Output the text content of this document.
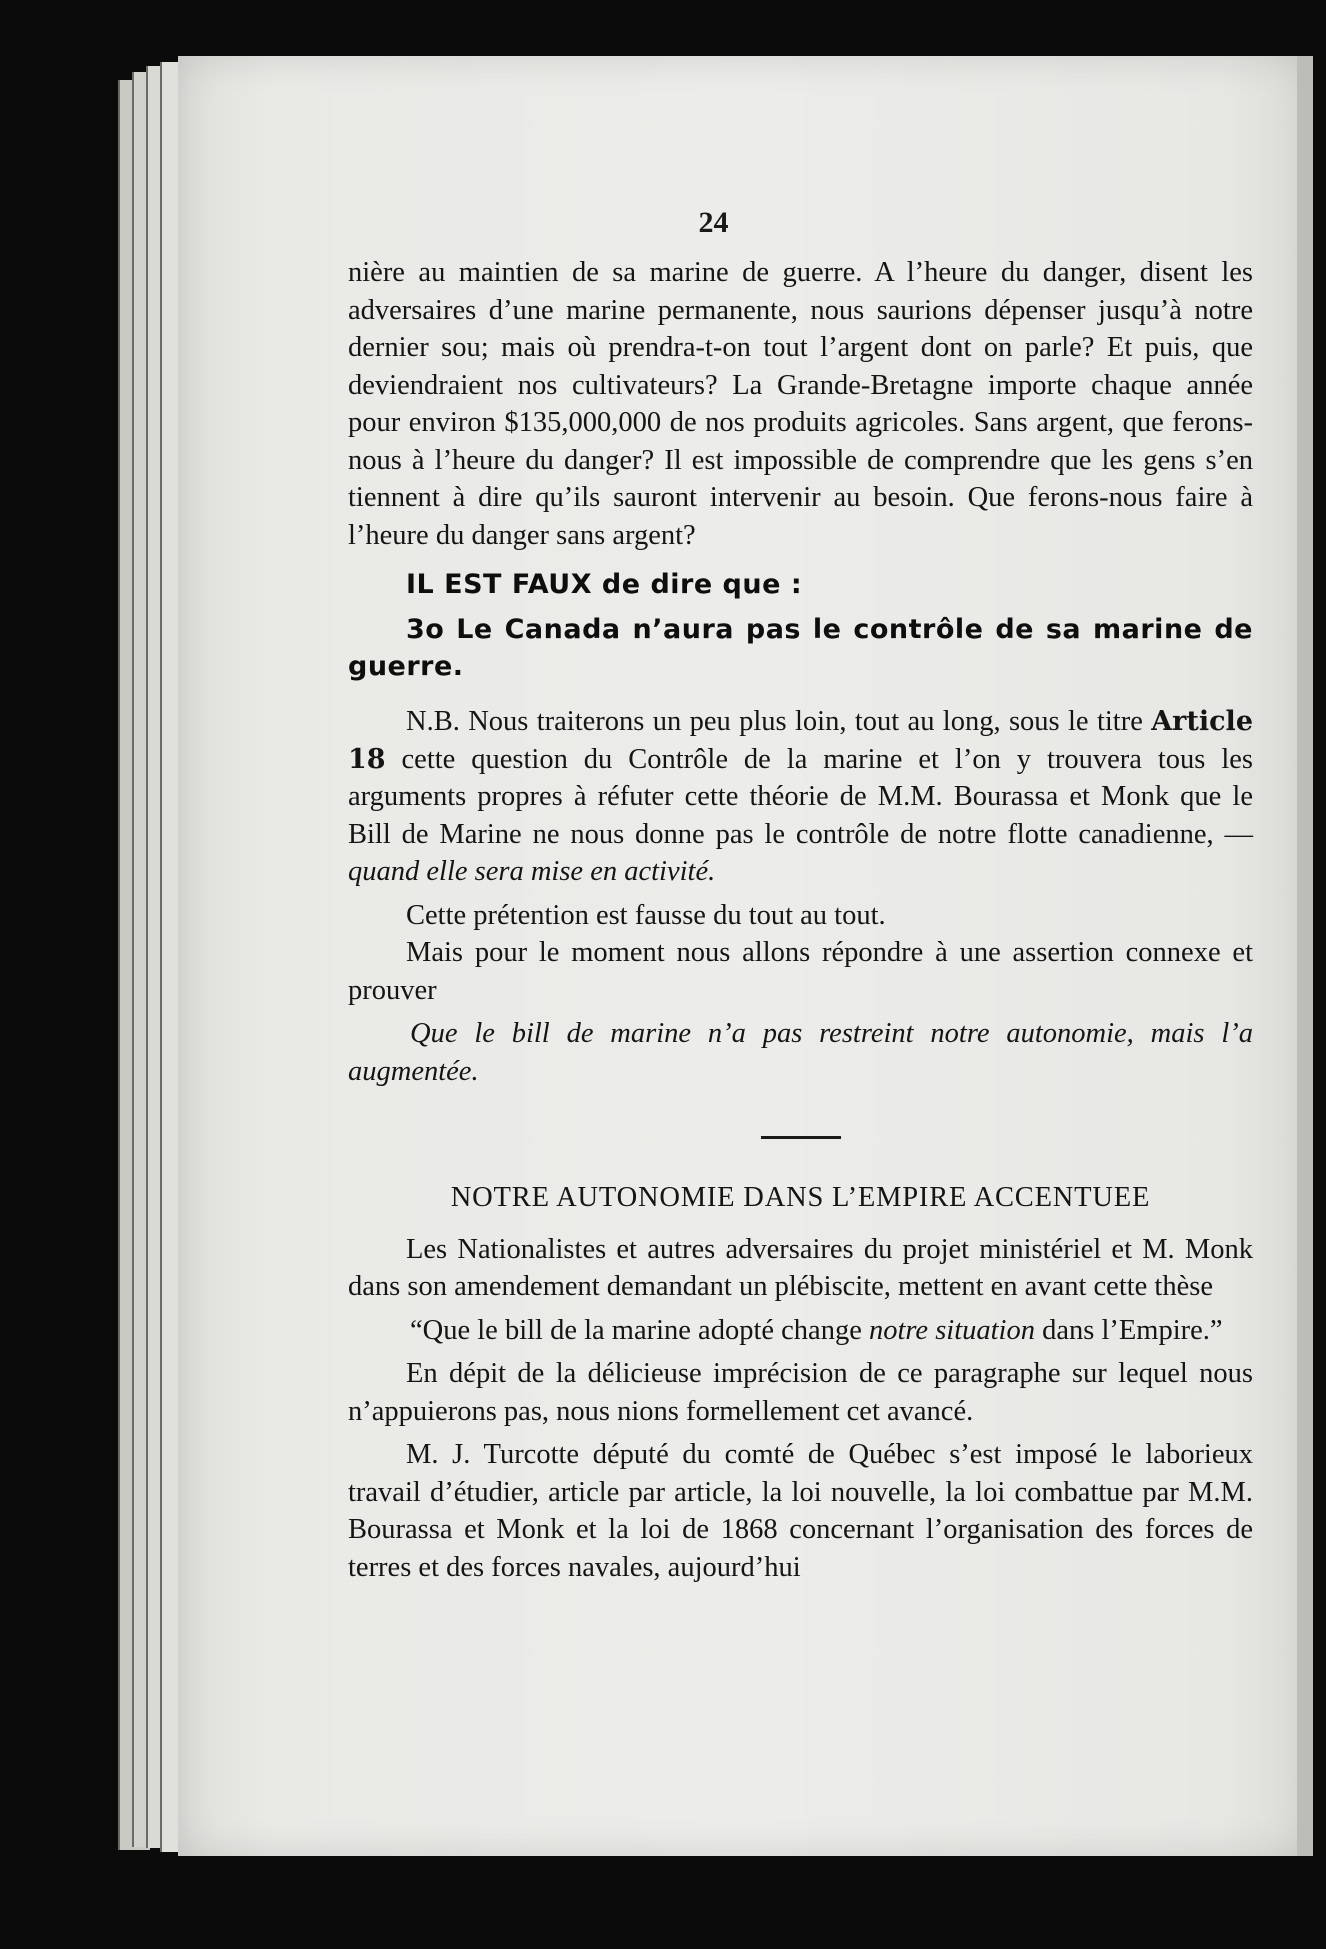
24

nière au maintien de sa marine de guerre. A l’heure du danger, disent les adversaires d’une marine permanente, nous saurions dépenser jusqu’à notre dernier sou; mais où prendra-t-on tout l’argent dont on parle? Et puis, que deviendraient nos cultivateurs? La Grande-Bretagne importe chaque année pour environ $135,000,000 de nos produits agricoles. Sans argent, que ferons-nous à l’heure du danger? Il est impossible de comprendre que les gens s’en tiennent à dire qu’ils sauront intervenir au besoin. Que ferons-nous faire à l’heure du danger sans argent?

IL EST FAUX de dire que :

3o Le Canada n’aura pas le contrôle de sa marine de guerre.

N.B. Nous traiterons un peu plus loin, tout au long, sous le titre Article 18 cette question du Contrôle de la marine et l’on y trouvera tous les arguments propres à réfuter cette théorie de M.M. Bourassa et Monk que le Bill de Marine ne nous donne pas le contrôle de notre flotte canadienne, — quand elle sera mise en activité.

Cette prétention est fausse du tout au tout.

Mais pour le moment nous allons répondre à une assertion connexe et prouver

Que le bill de marine n’a pas restreint notre autonomie, mais l’a augmentée.

NOTRE AUTONOMIE DANS L’EMPIRE ACCENTUEE

Les Nationalistes et autres adversaires du projet ministériel et M. Monk dans son amendement demandant un plébiscite, mettent en avant cette thèse

“Que le bill de la marine adopté change notre situation dans l’Empire.”

En dépit de la délicieuse imprécision de ce paragraphe sur lequel nous n’appuierons pas, nous nions formellement cet avancé.

M. J. Turcotte député du comté de Québec s’est imposé le laborieux travail d’étudier, article par article, la loi nouvelle, la loi combattue par M.M. Bourassa et Monk et la loi de 1868 concernant l’organisation des forces de terres et des forces navales, aujourd’hui
